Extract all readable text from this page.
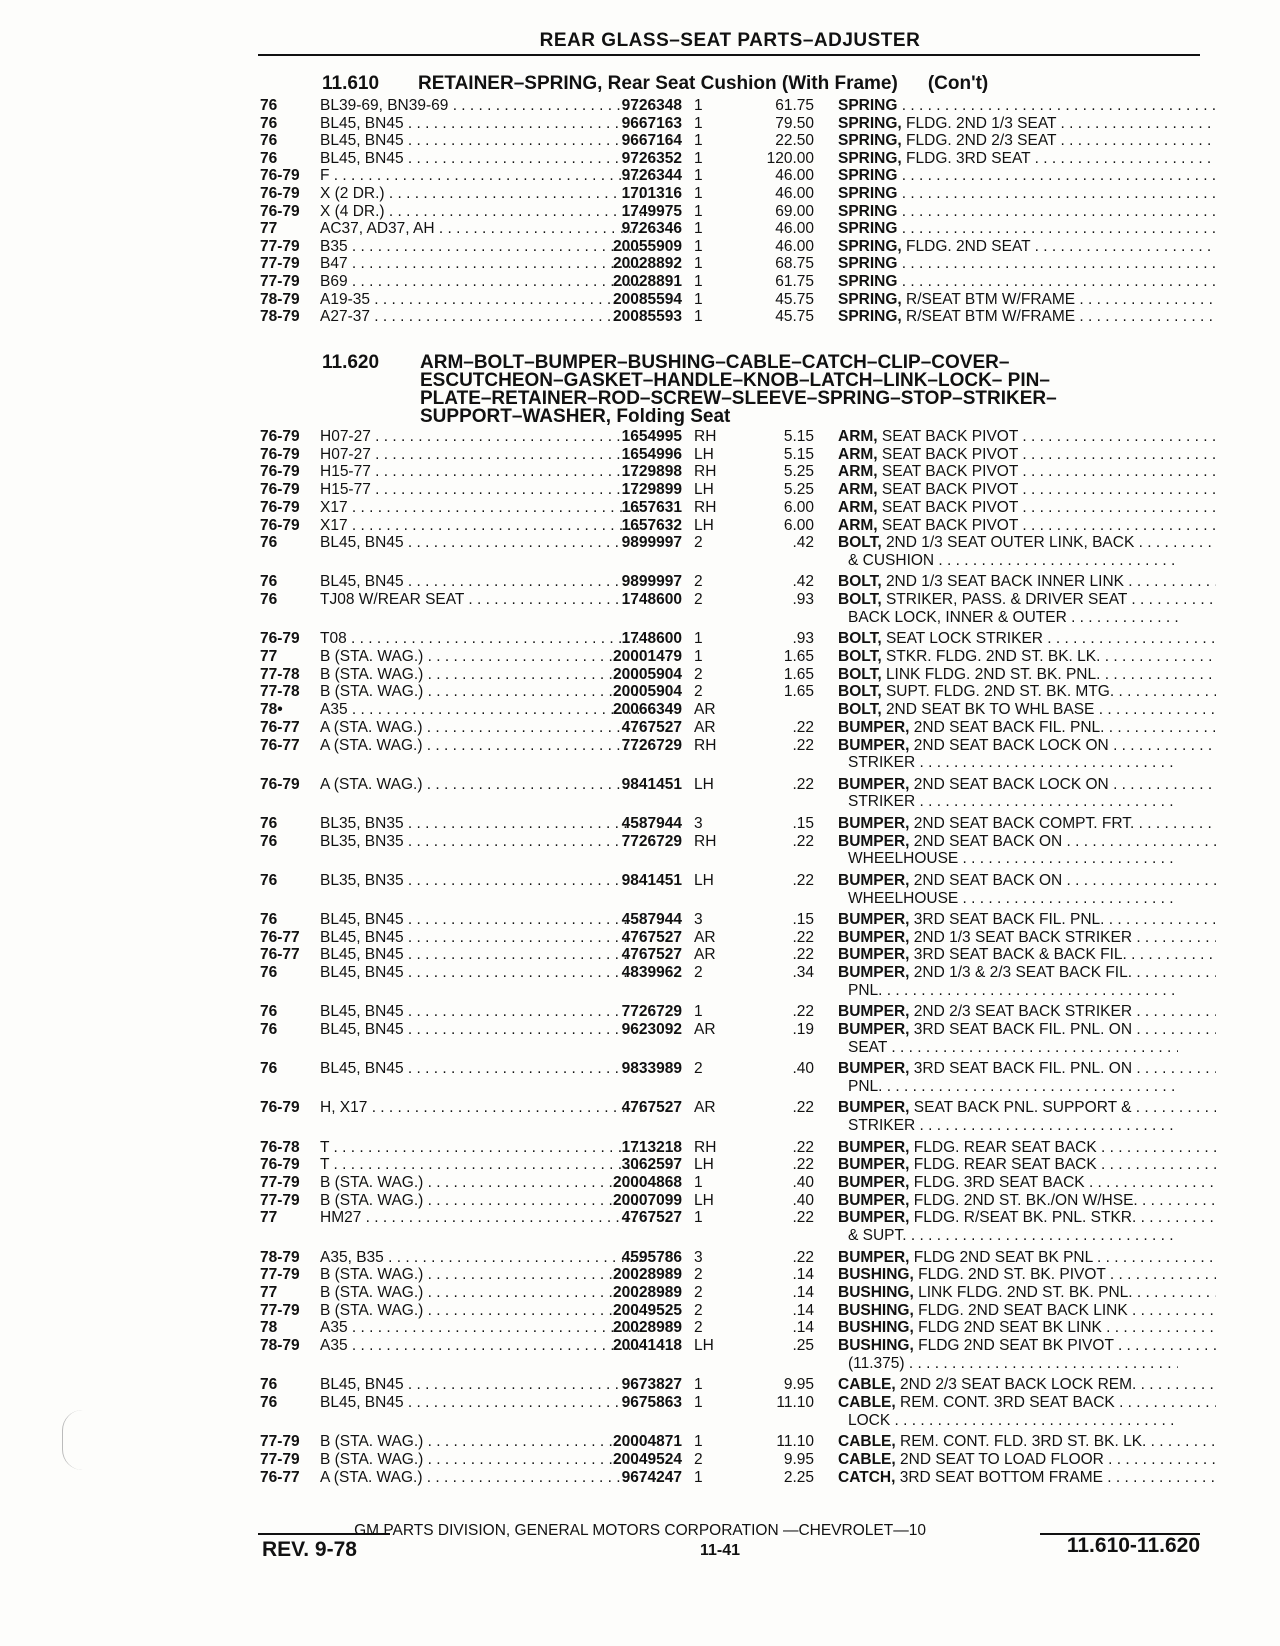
REAR GLASS–SEAT PARTS–ADJUSTER
11.610 RETAINER–SPRING, Rear Seat Cushion (With Frame) (Con't)
76	BL39-69, BN39-69 . . .	9726348 1	61.75 SPRING . . .
76	BL45, BN45 . . .	9667163 1	79.50 SPRING, FLDG. 2ND 1/3 SEAT . . .
76	BL45, BN45 . . .	9667164 1	22.50 SPRING, FLDG. 2ND 2/3 SEAT . . .
76	BL45, BN45 . . .	9726352 1	120.00 SPRING, FLDG. 3RD SEAT . . .
76-79	F . . .	9726344 1	46.00 SPRING . . .
76-79	X (2 DR.) . . .	1701316 1	46.00 SPRING . . .
76-79	X (4 DR.) . . .	1749975 1	69.00 SPRING . . .
77	AC37, AD37, AH . . .	9726346 1	46.00 SPRING . . .
77-79	B35 . . .	20055909 1	46.00 SPRING, FLDG. 2ND SEAT . . .
77-79	B47 . . .	20028892 1	68.75 SPRING . . .
77-79	B69 . . .	20028891 1	61.75 SPRING . . .
78-79	A19-35 . . .	20085594 1	45.75 SPRING, R/SEAT BTM W/FRAME . . .
78-79	A27-37 . . .	20085593 1	45.75 SPRING, R/SEAT BTM W/FRAME . . .
11.620 ARM–BOLT–BUMPER–BUSHING–CABLE–CATCH–CLIP–COVER–
ESCUTCHEON–GASKET–HANDLE–KNOB–LATCH–LINK–LOCK– PIN–
PLATE–RETAINER–ROD–SCREW–SLEEVE–SPRING–STOP–STRIKER–
SUPPORT–WASHER, Folding Seat
76-79	H07-27 . . .	1654995 RH	5.15 ARM, SEAT BACK PIVOT . . .
76-79	H07-27 . . .	1654996 LH	5.15 ARM, SEAT BACK PIVOT . . .
76-79	H15-77 . . .	1729898 RH	5.25 ARM, SEAT BACK PIVOT . . .
76-79	H15-77 . . .	1729899 LH	5.25 ARM, SEAT BACK PIVOT . . .
76-79	X17 . . .	1657631 RH	6.00 ARM, SEAT BACK PIVOT . . .
76-79	X17 . . .	1657632 LH	6.00 ARM, SEAT BACK PIVOT . . .
76	BL45, BN45 . . .	9899997 2	.42 BOLT, 2ND 1/3 SEAT OUTER LINK, BACK . . .
& CUSHION . . .
76	BL45, BN45 . . .	9899997 2	.42 BOLT, 2ND 1/3 SEAT BACK INNER LINK . . .
76	TJ08 W/REAR SEAT . . .	1748600 2	.93 BOLT, STRIKER, PASS. & DRIVER SEAT . . .
BACK LOCK, INNER & OUTER . . .
76-79	T08 . . .	1748600 1	.93 BOLT, SEAT LOCK STRIKER . . .
77	B (STA. WAG.) . . .	20001479 1	1.65 BOLT, STKR. FLDG. 2ND ST. BK. LK. . . .
77-78	B (STA. WAG.) . . .	20005904 2	1.65 BOLT, LINK FLDG. 2ND ST. BK. PNL. . . .
77-78	B (STA. WAG.) . . .	20005904 2	1.65 BOLT, SUPT. FLDG. 2ND ST. BK. MTG. . . .
78•	A35 . . .	20066349 AR	BOLT, 2ND SEAT BK TO WHL BASE . . .
76-77	A (STA. WAG.) . . .	4767527 AR	.22 BUMPER, 2ND SEAT BACK FIL. PNL. . . .
76-77	A (STA. WAG.) . . .	7726729 RH	.22 BUMPER, 2ND SEAT BACK LOCK ON . . .
STRIKER . . .
76-79	A (STA. WAG.) . . .	9841451 LH	.22 BUMPER, 2ND SEAT BACK LOCK ON . . .
STRIKER . . .
76	BL35, BN35 . . .	4587944 3	.15 BUMPER, 2ND SEAT BACK COMPT. FRT. . . .
76	BL35, BN35 . . .	7726729 RH	.22 BUMPER, 2ND SEAT BACK ON . . .
WHEELHOUSE . . .
76	BL35, BN35 . . .	9841451 LH	.22 BUMPER, 2ND SEAT BACK ON . . .
WHEELHOUSE . . .
76	BL45, BN45 . . .	4587944 3	.15 BUMPER, 3RD SEAT BACK FIL. PNL. . . .
76-77	BL45, BN45 . . .	4767527 AR	.22 BUMPER, 2ND 1/3 SEAT BACK STRIKER . . .
76-77	BL45, BN45 . . .	4767527 AR	.22 BUMPER, 3RD SEAT BACK & BACK FIL. . . .
76	BL45, BN45 . . .	4839962 2	.34 BUMPER, 2ND 1/3 & 2/3 SEAT BACK FIL. . . .
PNL. . . .
76	BL45, BN45 . . .	7726729 1	.22 BUMPER, 2ND 2/3 SEAT BACK STRIKER . . .
76	BL45, BN45 . . .	9623092 AR	.19 BUMPER, 3RD SEAT BACK FIL. PNL. ON . . .
SEAT . . .
76	BL45, BN45 . . .	9833989 2	.40 BUMPER, 3RD SEAT BACK FIL. PNL. ON . . .
PNL. . . .
76-79	H, X17 . . .	4767527 AR	.22 BUMPER, SEAT BACK PNL. SUPPORT & . . .
STRIKER . . .
76-78	T . . .	1713218 RH	.22 BUMPER, FLDG. REAR SEAT BACK . . .
76-79	T . . .	3062597 LH	.22 BUMPER, FLDG. REAR SEAT BACK . . .
77-79	B (STA. WAG.) . . .	20004868 1	.40 BUMPER, FLDG. 3RD SEAT BACK . . .
77-79	B (STA. WAG.) . . .	20007099 LH	.40 BUMPER, FLDG. 2ND ST. BK./ON W/HSE. . . .
77	HM27 . . .	4767527 1	.22 BUMPER, FLDG. R/SEAT BK. PNL. STKR. . . .
& SUPT. . . .
78-79	A35, B35 . . .	4595786 3	.22 BUMPER, FLDG 2ND SEAT BK PNL . . .
77-79	B (STA. WAG.) . . .	20028989 2	.14 BUSHING, FLDG. 2ND ST. BK. PIVOT . . .
77	B (STA. WAG.) . . .	20028989 2	.14 BUSHING, LINK FLDG. 2ND ST. BK. PNL. . . .
77-79	B (STA. WAG.) . . .	20049525 2	.14 BUSHING, FLDG. 2ND SEAT BACK LINK . . .
78	A35 . . .	20028989 2	.14 BUSHING, FLDG 2ND SEAT BK LINK . . .
78-79	A35 . . .	20041418 LH	.25 BUSHING, FLDG 2ND SEAT BK PIVOT . . .
(11.375) . . .
76	BL45, BN45 . . .	9673827 1	9.95 CABLE, 2ND 2/3 SEAT BACK LOCK REM. . . .
76	BL45, BN45 . . .	9675863 1	11.10 CABLE, REM. CONT. 3RD SEAT BACK . . .
LOCK . . .
77-79	B (STA. WAG.) . . .	20004871 1	11.10 CABLE, REM. CONT. FLD. 3RD ST. BK. LK. . . .
77-79	B (STA. WAG.) . . .	20049524 2	9.95 CABLE, 2ND SEAT TO LOAD FLOOR . . .
76-77	A (STA. WAG.) . . .	9674247 1	2.25 CATCH, 3RD SEAT BOTTOM FRAME . . .
GM PARTS DIVISION, GENERAL MOTORS CORPORATION —CHEVROLET—10
REV. 9-78	11-41	11.610-11.620
